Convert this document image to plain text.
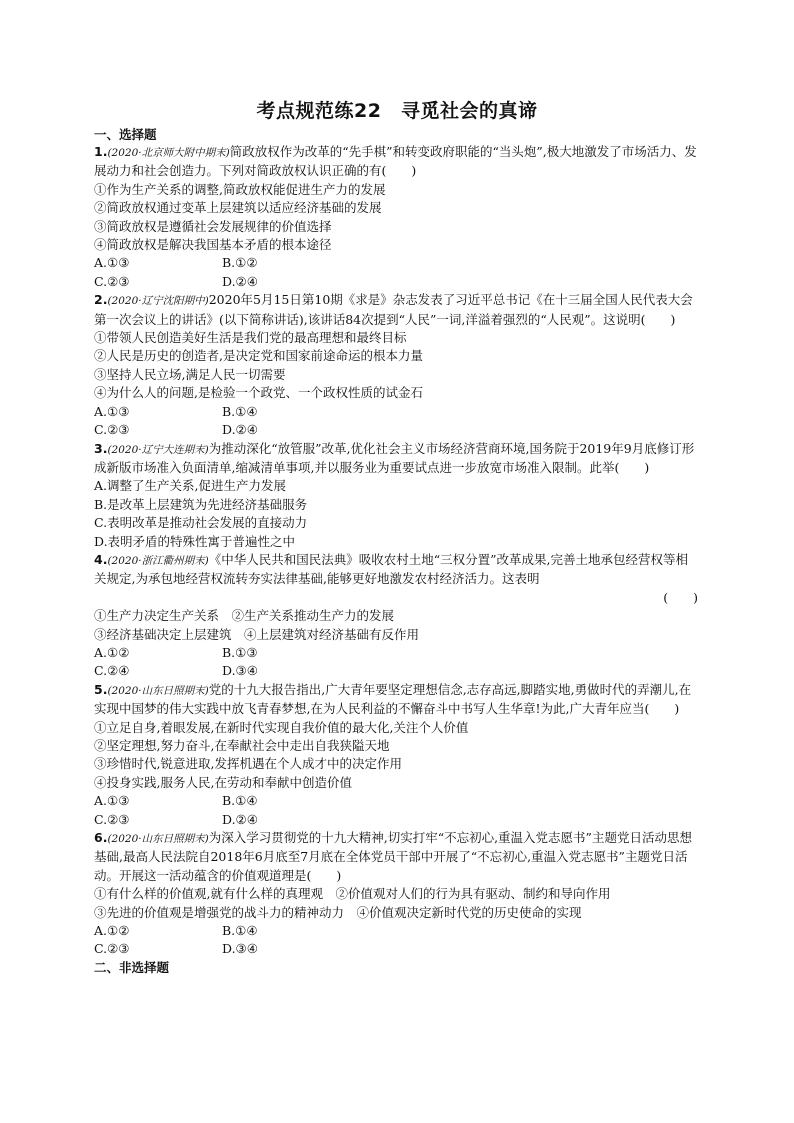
考点规范练22　寻觅社会的真谛
一、选择题
1.(2020·北京师大附中期末)简政放权作为改革的“先手棋”和转变政府职能的“当头炮”,极大地激发了市场活力、发展动力和社会创造力。下列对简政放权认识正确的有(　　)
①作为生产关系的调整,简政放权能促进生产力的发展
②简政放权通过变革上层建筑以适应经济基础的发展
③简政放权是遵循社会发展规律的价值选择
④简政放权是解决我国基本矛盾的根本途径
A.①③	B.①②
C.②③	D.②④
2.(2020·辽宁沈阳期中)2020年5月15日第10期《求是》杂志发表了习近平总书记《在十三届全国人民代表大会第一次会议上的讲话》(以下简称讲话),该讲话84次提到“人民”一词,洋溢着强烈的“人民观”。这说明(　　)
①带领人民创造美好生活是我们党的最高理想和最终目标
②人民是历史的创造者,是决定党和国家前途命运的根本力量
③坚持人民立场,满足人民一切需要
④为什么人的问题,是检验一个政党、一个政权性质的试金石
A.①③	B.①④
C.②③	D.②④
3.(2020·辽宁大连期末)为推动深化“放管服”改革,优化社会主义市场经济营商环境,国务院于2019年9月底修订形成新版市场准入负面清单,缩减清单事项,并以服务业为重要试点进一步放宽市场准入限制。此举(　　)
A.调整了生产关系,促进生产力发展
B.是改革上层建筑为先进经济基础服务
C.表明改革是推动社会发展的直接动力
D.表明矛盾的特殊性寓于普遍性之中
4.(2020·浙江衢州期末)《中华人民共和国民法典》吸收农村土地“三权分置”改革成果,完善土地承包经营权等相关规定,为承包地经营权流转夯实法律基础,能够更好地激发农村经济活力。这表明
(　　)
①生产力决定生产关系　②生产关系推动生产力的发展
③经济基础决定上层建筑　④上层建筑对经济基础有反作用
A.①②	B.①③
C.②④	D.③④
5.(2020·山东日照期末)党的十九大报告指出,广大青年要坚定理想信念,志存高远,脚踏实地,勇做时代的弄潮儿,在实现中国梦的伟大实践中放飞青春梦想,在为人民利益的不懈奋斗中书写人生华章!为此,广大青年应当(　　)
①立足自身,着眼发展,在新时代实现自我价值的最大化,关注个人价值
②坚定理想,努力奋斗,在奉献社会中走出自我狭隘天地
③珍惜时代,锐意进取,发挥机遇在个人成才中的决定作用
④投身实践,服务人民,在劳动和奉献中创造价值
A.①③	B.①④
C.②③	D.②④
6.(2020·山东日照期末)为深入学习贯彻党的十九大精神,切实打牢“不忘初心,重温入党志愿书”主题党日活动思想基础,最高人民法院自2018年6月底至7月底在全体党员干部中开展了“不忘初心,重温入党志愿书”主题党日活动。开展这一活动蕴含的价值观道理是(　　)
①有什么样的价值观,就有什么样的真理观　②价值观对人们的行为具有驱动、制约和导向作用
③先进的价值观是增强党的战斗力的精神动力　④价值观决定新时代党的历史使命的实现
A.①②	B.①④
C.②③	D.③④
二、非选择题
